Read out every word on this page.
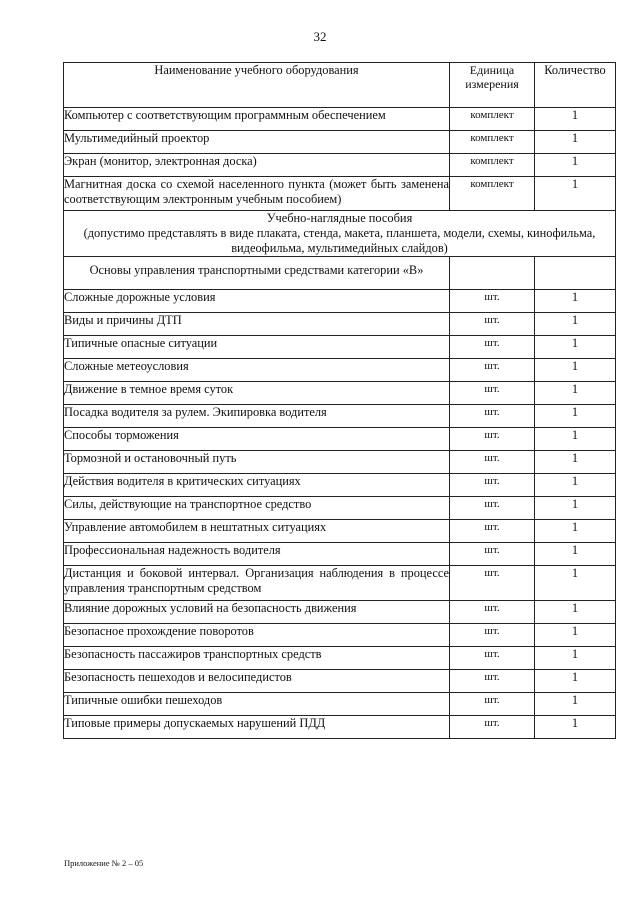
32
Наименование учебного оборудования	Единица измерения	Количество
Компьютер с соответствующим программным обеспечением	комплект	1
Мультимедийный проектор	комплект	1
Экран (монитор, электронная доска)	комплект	1
Магнитная доска со схемой населенного пункта (может быть заменена соответствующим электронным учебным пособием)	комплект	1

Учебно-наглядные пособия
(допустимо представлять в виде плаката, стенда, макета, планшета, модели, схемы, кинофильма, видеофильма, мультимедийных слайдов)		

Основы управления транспортными средствами категории «В»		
Сложные дорожные условия	шт.	1
Виды и причины ДТП	шт.	1
Типичные опасные ситуации	шт.	1
Сложные метеоусловия	шт.	1
Движение в темное время суток	шт.	1
Посадка водителя за рулем. Экипировка водителя	шт.	1
Способы торможения	шт.	1
Тормозной и остановочный путь	шт.	1
Действия водителя в критических ситуациях	шт.	1
Силы, действующие на транспортное средство	шт.	1
Управление автомобилем в нештатных ситуациях	шт.	1
Профессиональная надежность водителя	шт.	1
Дистанция и боковой интервал. Организация наблюдения в процессе управления транспортным средством	шт.	1
Влияние дорожных условий на безопасность движения	шт.	1
Безопасное прохождение поворотов	шт.	1
Безопасность пассажиров транспортных средств	шт.	1
Безопасность пешеходов и велосипедистов	шт.	1
Типичные ошибки пешеходов	шт.	1
Типовые примеры допускаемых нарушений ПДД	шт.	1
Приложение № 2 – 05
